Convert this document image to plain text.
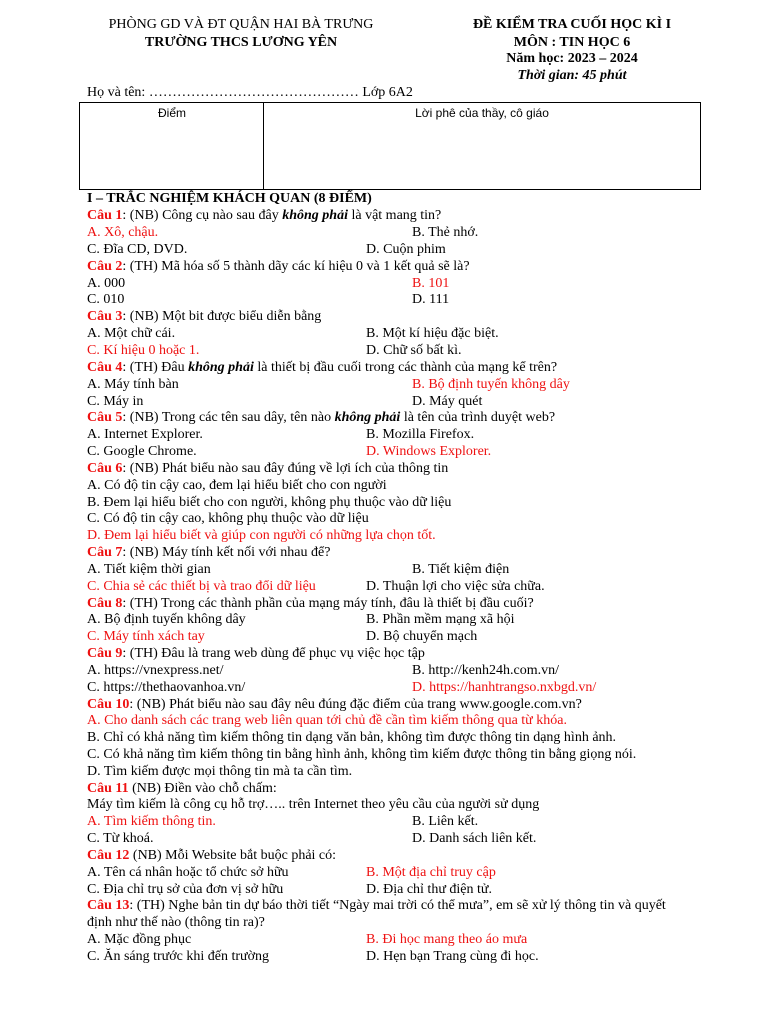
PHÒNG GD VÀ ĐT QUẬN HAI BÀ TRƯNG
TRƯỜNG THCS LƯƠNG YÊN
ĐỀ KIỂM TRA CUỐI HỌC KÌ I
MÔN : TIN HỌC 6
Năm học: 2023 – 2024
Thời gian: 45 phút
Họ và tên: ……………………………………… Lớp 6A2
Điểm	Lời phê của thầy, cô giáo
I – TRẮC NGHIỆM KHÁCH QUAN (8 ĐIỂM)
Câu 1: (NB) Công cụ nào sau đây không phải là vật mang tin?
A. Xô, chậu.	B. Thẻ nhớ.
C. Đĩa CD, DVD.	D. Cuộn phim
Câu 2: (TH) Mã hóa số 5 thành dãy các kí hiệu 0 và 1 kết quả sẽ là?
A. 000	B. 101
C. 010	D. 111
Câu 3: (NB) Một bit được biểu diễn bằng
A. Một chữ cái.	B. Một kí hiệu đặc biệt.
C. Kí hiệu 0 hoặc 1.	D. Chữ số bất kì.
Câu 4: (TH) Đâu không phải là thiết bị đầu cuối trong các thành của mạng kể trên?
A. Máy tính bàn	B. Bộ định tuyến không dây
C. Máy in	D. Máy quét
Câu 5: (NB) Trong các tên sau dây, tên nào không phải là tên của trình duyệt web?
A. Internet Explorer.	B. Mozilla Firefox.
C. Google Chrome.	D. Windows Explorer.
Câu 6: (NB) Phát biểu nào sau đây đúng về lợi ích của thông tin
A. Có độ tin cậy cao, đem lại hiểu biết cho con người
B. Đem lại hiểu biết cho con người, không phụ thuộc vào dữ liệu
C. Có độ tin cậy cao, không phụ thuộc vào dữ liệu
D. Đem lại hiểu biết và giúp con người có những lựa chọn tốt.
Câu 7: (NB) Máy tính kết nối với nhau để?
A. Tiết kiệm thời gian	B. Tiết kiệm điện
C. Chia sẻ các thiết bị và trao đổi dữ liệu	D. Thuận lợi cho việc sửa chữa.
Câu 8: (TH) Trong các thành phần của mạng máy tính, đâu là thiết bị đầu cuối?
A. Bộ định tuyến không dây	B. Phần mềm mạng xã hội
C. Máy tính xách tay	D. Bộ chuyển mạch
Câu 9: (TH) Đâu là trang web dùng để phục vụ việc học tập
A. https://vnexpress.net/	B. http://kenh24h.com.vn/
C. https://thethaovanhoa.vn/	D. https://hanhtrangso.nxbgd.vn/
Câu 10: (NB) Phát biểu nào sau đây nêu đúng đặc điểm của trang www.google.com.vn?
A. Cho danh sách các trang web liên quan tới chủ đề cần tìm kiếm thông qua từ khóa.
B. Chỉ có khả năng tìm kiếm thông tin dạng văn bản, không tìm được thông tin dạng hình ảnh.
C. Có khả năng tìm kiếm thông tin bằng hình ảnh, không tìm kiếm được thông tin bằng giọng nói.
D. Tìm kiếm được mọi thông tin mà ta cần tìm.
Câu 11 (NB) Điền vào chỗ chấm:
Máy tìm kiếm là công cụ hỗ trợ….. trên Internet theo yêu cầu của người sử dụng
A. Tìm kiếm thông tin.	B. Liên kết.
C. Từ khoá.	D. Danh sách liên kết.
Câu 12 (NB) Mỗi Website bắt buộc phải có:
A. Tên cá nhân hoặc tổ chức sở hữu	B. Một địa chỉ truy cập
C. Địa chỉ trụ sở của đơn vị sở hữu	D. Địa chỉ thư điện tử.
Câu 13: (TH) Nghe bản tin dự báo thời tiết “Ngày mai trời có thể mưa”, em sẽ xử lý thông tin và quyết
định như thế nào (thông tin ra)?
A. Mặc đồng phục	B. Đi học mang theo áo mưa
C. Ăn sáng trước khi đến trường	D. Hẹn bạn Trang cùng đi học.
